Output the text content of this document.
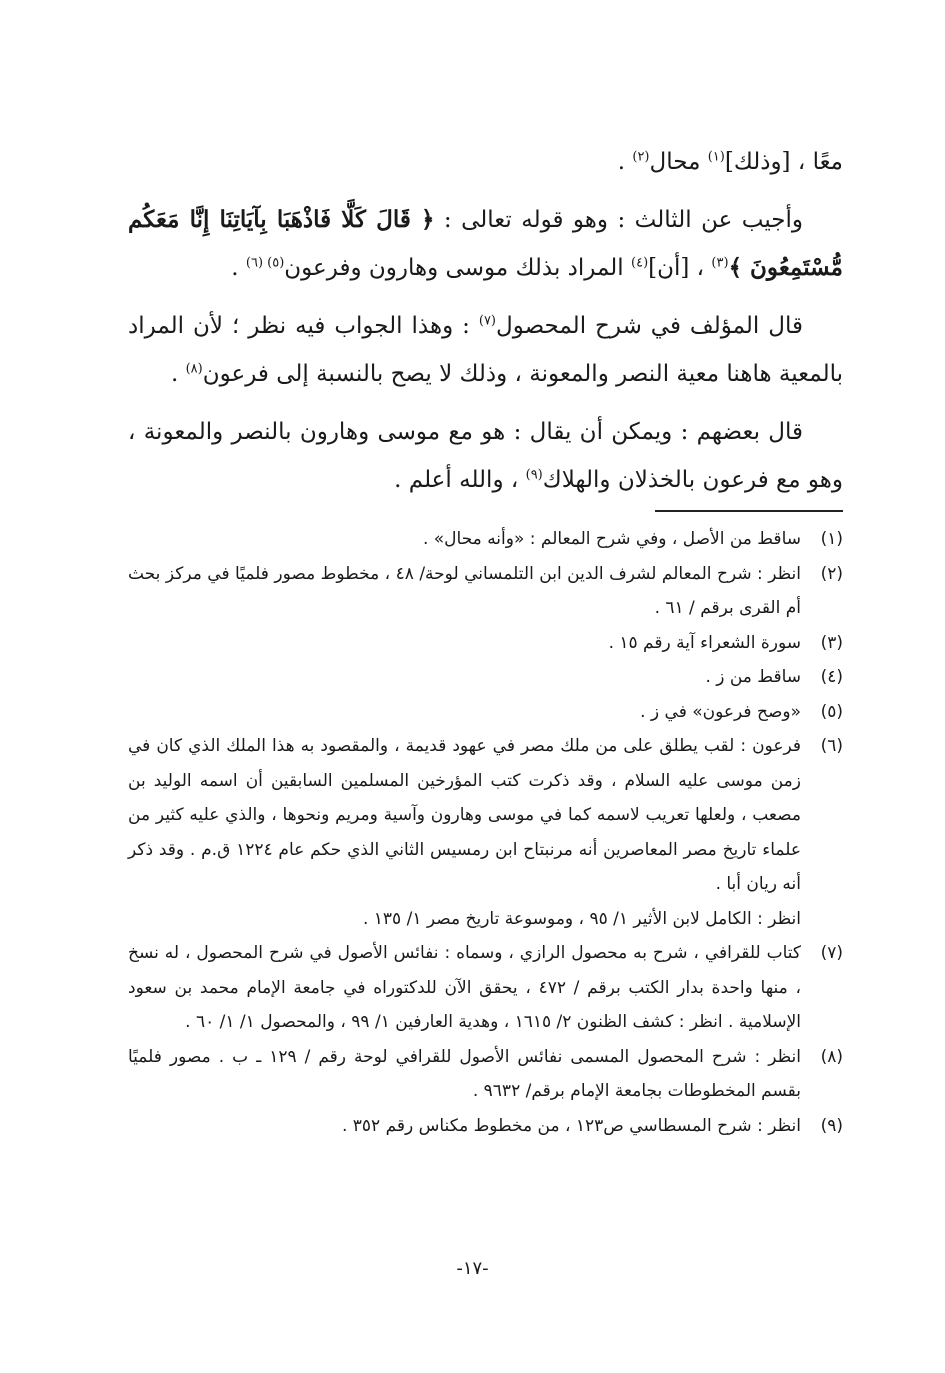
معًا ، [وذلك]$^{(١)}$ محال$^{(٢)}$ .

وأجيب عن الثالث : وهو قوله تعالى : ﴿ قَالَ كَلَّا فَاذْهَبَا بِآيَاتِنَا إِنَّا مَعَكُم مُّسْتَمِعُونَ ﴾$^{(٣)}$ ، [أن]$^{(٤)}$ المراد بذلك موسى وهارون وفرعون$^{(٥) (٦)}$ .

قال المؤلف في شرح المحصول$^{(٧)}$ : وهذا الجواب فيه نظر ؛ لأن المراد بالمعية هاهنا معية النصر والمعونة ، وذلك لا يصح بالنسبة إلى فرعون$^{(٨)}$ .

قال بعضهم : ويمكن أن يقال : هو مع موسى وهارون بالنصر والمعونة ، وهو مع فرعون بالخذلان والهلاك$^{(٩)}$ ، والله أعلم .

(١)
ساقط من الأصل ، وفي شرح المعالم : «وأنه محال» .
(٢)
انظر : شرح المعالم لشرف الدين ابن التلمساني لوحة/ ٤٨ ، مخطوط مصور فلميًا في مركز بحث أم القرى برقم / ٦١ .
(٣)
سورة الشعراء آية رقم ١٥ .
(٤)
ساقط من ز .
(٥)
«وصح فرعون» في ز .
(٦)
فرعون : لقب يطلق على من ملك مصر في عهود قديمة ، والمقصود به هذا الملك الذي كان في زمن موسى عليه السلام ، وقد ذكرت كتب المؤرخين المسلمين السابقين أن اسمه الوليد بن مصعب ، ولعلها تعريب لاسمه كما في موسى وهارون وآسية ومريم ونحوها ، والذي عليه كثير من علماء تاريخ مصر المعاصرين أنه مرنبتاح ابن رمسيس الثاني الذي حكم عام ١٢٢٤ ق.م . وقد ذكر أنه ريان أبا .
انظر : الكامل لابن الأثير ١/ ٩٥ ، وموسوعة تاريخ مصر ١/ ١٣٥ .
(٧)
كتاب للقرافي ، شرح به محصول الرازي ، وسماه : نفائس الأصول في شرح المحصول ، له نسخ ، منها واحدة بدار الكتب برقم / ٤٧٢ ، يحقق الآن للدكتوراه في جامعة الإمام محمد بن سعود الإسلامية . انظر : كشف الظنون ٢/ ١٦١٥ ، وهدية العارفين ١/ ٩٩ ، والمحصول ١/ ١/ ٦٠ .
(٨)
انظر : شرح المحصول المسمى نفائس الأصول للقرافي لوحة رقم / ١٢٩ ـ ب . مصور فلميًا بقسم المخطوطات بجامعة الإمام برقم/ ٩٦٣٢ .
(٩)
انظر : شرح المسطاسي ص١٢٣ ، من مخطوط مكناس رقم ٣٥٢ .
-١٧-
